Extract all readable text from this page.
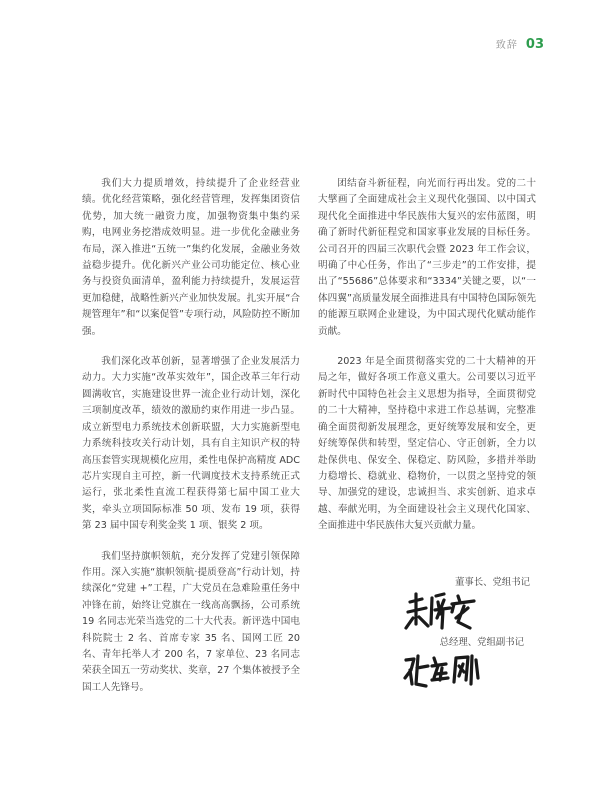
致辞 03

我们大力提质增效，持续提升了企业经营业绩。优化经营策略，强化经营管理，发挥集团资信优势，加大统一融资力度，加强物资集中集约采购，电网业务挖潜成效明显。进一步优化金融业务布局，深入推进“五统一”集约化发展，金融业务效益稳步提升。优化新兴产业公司功能定位、核心业务与投资负面清单，盈利能力持续提升，发展运营更加稳健，战略性新兴产业加快发展。扎实开展“合规管理年”和“以案促管”专项行动，风险防控不断加强。

我们深化改革创新，显著增强了企业发展活力动力。大力实施“改革实效年”，国企改革三年行动圆满收官，实施建设世界一流企业行动计划，深化三项制度改革，绩效的激励约束作用进一步凸显。成立新型电力系统技术创新联盟，大力实施新型电力系统科技攻关行动计划，具有自主知识产权的特高压套管实现规模化应用，柔性电保护高精度 ADC 芯片实现自主可控，新一代调度技术支持系统正式运行，张北柔性直流工程获得第七届中国工业大奖，牵头立项国际标准 50 项、发布 19 项，获得第 23 届中国专利奖金奖 1 项、银奖 2 项。

我们坚持旗帜领航，充分发挥了党建引领保障作用。深入实施“旗帜领航·提质登高”行动计划，持续深化“党建 +”工程，广大党员在急难险重任务中冲锋在前，始终让党旗在一线高高飘扬，公司系统 19 名同志光荣当选党的二十大代表。新评选中国电科院院士 2 名、首席专家 35 名、国网工匠 20 名、青年托举人才 200 名，7 家单位、23 名同志荣获全国五一劳动奖状、奖章，27 个集体被授予全国工人先锋号。

团结奋斗新征程，向光而行再出发。党的二十大擘画了全面建成社会主义现代化强国、以中国式现代化全面推进中华民族伟大复兴的宏伟蓝图，明确了新时代新征程党和国家事业发展的目标任务。公司召开的四届三次职代会暨 2023 年工作会议，明确了中心任务，作出了“三步走”的工作安排，提出了“55686”总体要求和“3334”关键之要，以“一体四翼”高质量发展全面推进具有中国特色国际领先的能源互联网企业建设，为中国式现代化赋动能作贡献。

2023 年是全面贯彻落实党的二十大精神的开局之年，做好各项工作意义重大。公司要以习近平新时代中国特色社会主义思想为指导，全面贯彻党的二十大精神，坚持稳中求进工作总基调，完整准确全面贯彻新发展理念，更好统筹发展和安全，更好统筹保供和转型，坚定信心、守正创新，全力以赴保供电、保安全、保稳定、防风险，多措并举助力稳增长、稳就业、稳物价，一以贯之坚持党的领导、加强党的建设，忠诚担当、求实创新、追求卓越、奉献光明，为全面建设社会主义现代化国家、全面推进中华民族伟大复兴贡献力量。

董事长、党组书记
总经理、党组副书记
